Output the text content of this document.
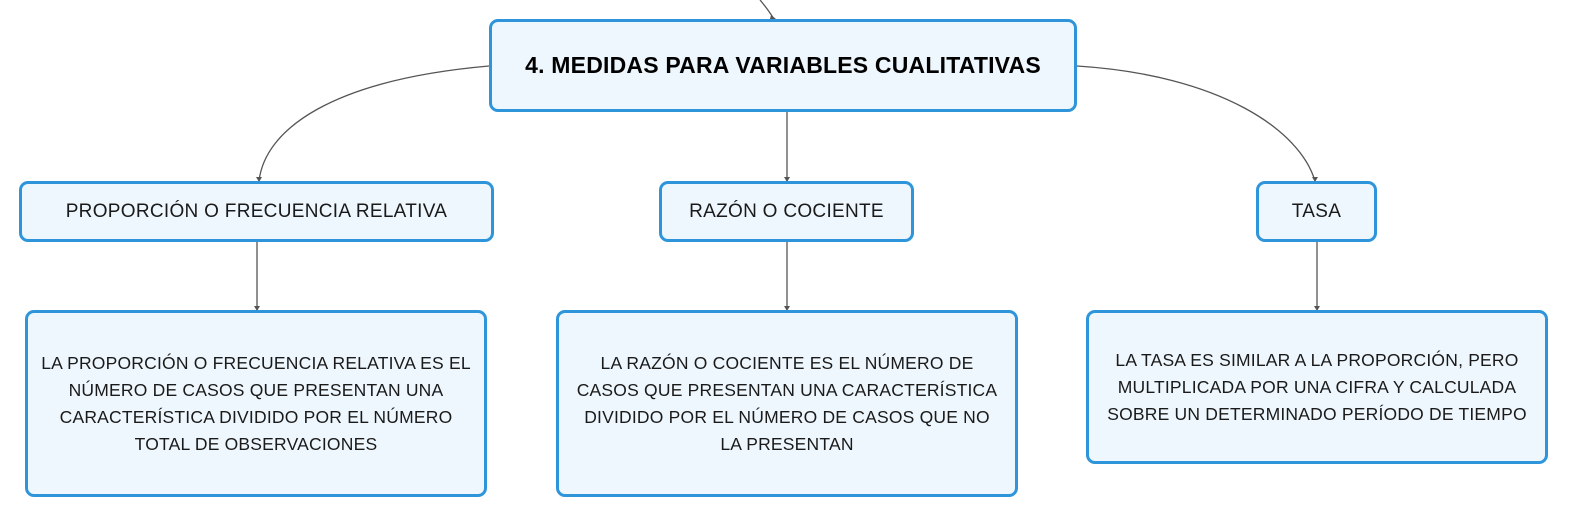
4. MEDIDAS PARA VARIABLES CUALITATIVAS
PROPORCIÓN O FRECUENCIA RELATIVA	RAZÓN O COCIENTE	TASA
LA PROPORCIÓN O FRECUENCIA RELATIVA ES EL NÚMERO DE CASOS QUE PRESENTAN UNA CARACTERÍSTICA DIVIDIDO POR EL NÚMERO TOTAL DE OBSERVACIONES
LA RAZÓN O COCIENTE ES EL NÚMERO DE CASOS QUE PRESENTAN UNA CARACTERÍSTICA DIVIDIDO POR EL NÚMERO DE CASOS QUE NO LA PRESENTAN
LA TASA ES SIMILAR A LA PROPORCIÓN, PERO MULTIPLICADA POR UNA CIFRA Y CALCULADA SOBRE UN DETERMINADO PERÍODO DE TIEMPO
